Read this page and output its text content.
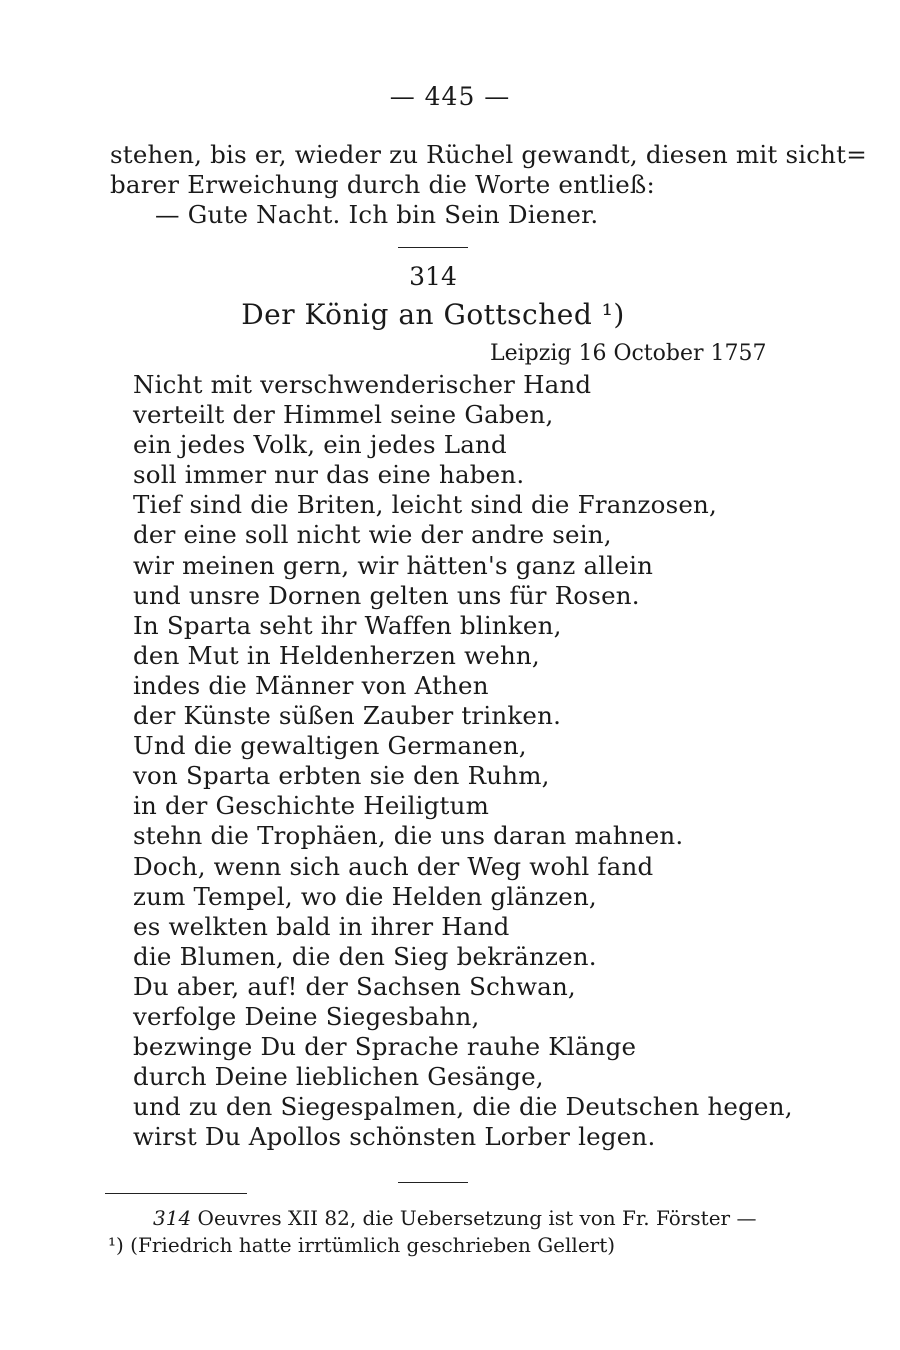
— 445 —
stehen, bis er, wieder zu Rüchel gewandt, diesen mit sicht=
barer Erweichung durch die Worte entließ:
— Gute Nacht. Ich bin Sein Diener.
314
Der König an Gottsched ¹)
Leipzig 16 October 1757
Nicht mit verschwenderischer Hand
verteilt der Himmel seine Gaben,
ein jedes Volk, ein jedes Land
soll immer nur das eine haben.
Tief sind die Briten, leicht sind die Franzosen,
der eine soll nicht wie der andre sein,
wir meinen gern, wir hätten's ganz allein
und unsre Dornen gelten uns für Rosen.
In Sparta seht ihr Waffen blinken,
den Mut in Heldenherzen wehn,
indes die Männer von Athen
der Künste süßen Zauber trinken.
Und die gewaltigen Germanen,
von Sparta erbten sie den Ruhm,
in der Geschichte Heiligtum
stehn die Trophäen, die uns daran mahnen.
Doch, wenn sich auch der Weg wohl fand
zum Tempel, wo die Helden glänzen,
es welkten bald in ihrer Hand
die Blumen, die den Sieg bekränzen.
Du aber, auf! der Sachsen Schwan,
verfolge Deine Siegesbahn,
bezwinge Du der Sprache rauhe Klänge
durch Deine lieblichen Gesänge,
und zu den Siegespalmen, die die Deutschen hegen,
wirst Du Apollos schönsten Lorber legen.
314 Oeuvres XII 82, die Uebersetzung ist von Fr. Förster —
¹) (Friedrich hatte irrtümlich geschrieben Gellert)
